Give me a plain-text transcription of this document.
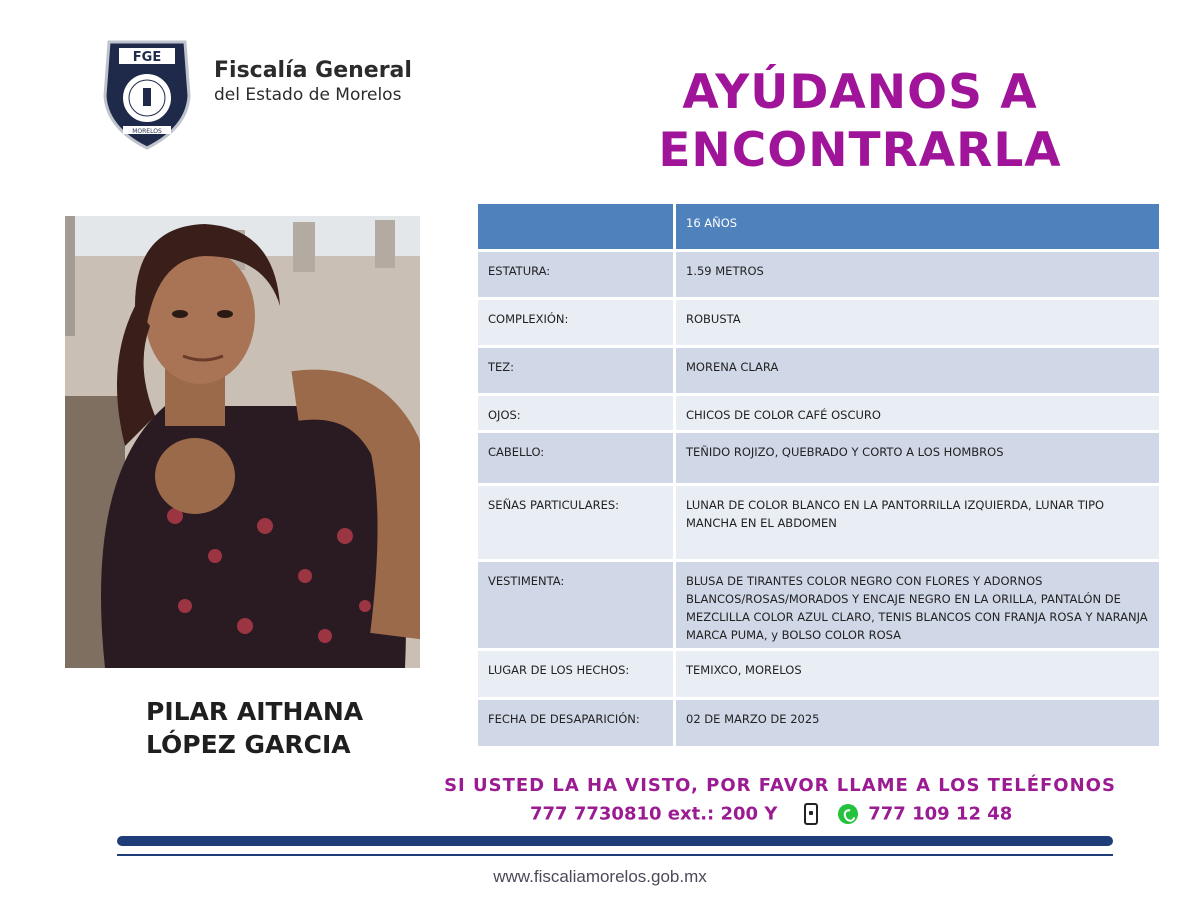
FGE
MORELOS
Fiscalía General
del Estado de Morelos	AYÚDANOS A
ENCONTRARLA
PILAR AITHANA
LÓPEZ GARCIA
16 AÑOS
ESTATURA:	1.59 METROS
COMPLEXIÓN:	ROBUSTA
TEZ:	MORENA CLARA
OJOS:	CHICOS DE COLOR CAFÉ OSCURO
CABELLO:	TEÑIDO ROJIZO, QUEBRADO Y CORTO A LOS HOMBROS
SEÑAS PARTICULARES:	LUNAR DE COLOR BLANCO EN LA PANTORRILLA IZQUIERDA, LUNAR TIPO MANCHA EN EL ABDOMEN
VESTIMENTA:	BLUSA DE TIRANTES COLOR NEGRO CON FLORES Y ADORNOS BLANCOS/ROSAS/MORADOS Y ENCAJE NEGRO EN LA ORILLA, PANTALÓN DE MEZCLILLA COLOR AZUL CLARO, TENIS BLANCOS CON FRANJA ROSA Y NARANJA MARCA PUMA, y BOLSO COLOR ROSA
LUGAR DE LOS HECHOS:	TEMIXCO, MORELOS
FECHA DE DESAPARICIÓN:	02 DE MARZO DE 2025
SI USTED LA HA VISTO, POR FAVOR LLAME A LOS TELÉFONOS
777 7730810 ext.: 200 Y	777 109 12 48
www.fiscaliamorelos.gob.mx
